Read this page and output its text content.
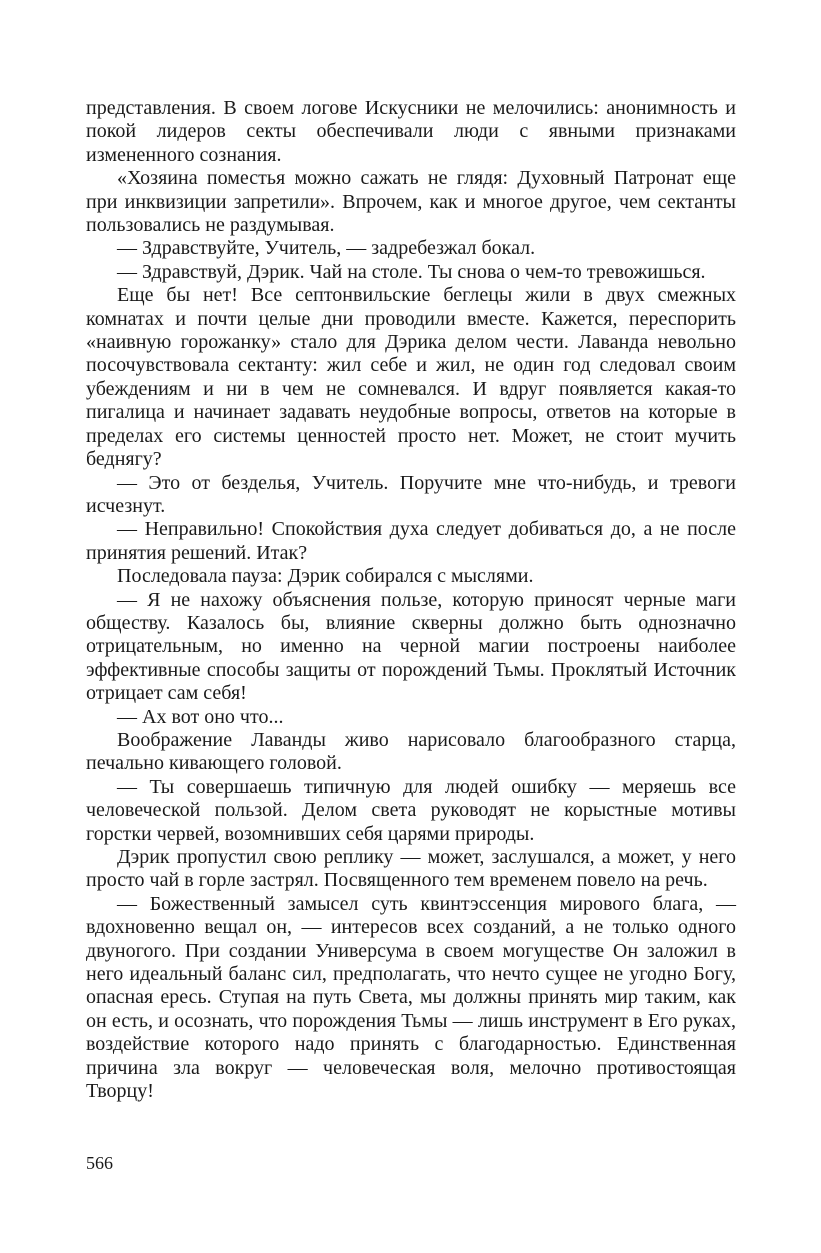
представления. В своем логове Искусники не мелочились: анонимность и покой лидеров секты обеспечивали люди с явными признаками измененного сознания.

«Хозяина поместья можно сажать не глядя: Духовный Патронат еще при инквизиции запретили». Впрочем, как и многое другое, чем сектанты пользовались не раздумывая.

— Здравствуйте, Учитель, — задребезжал бокал.

— Здравствуй, Дэрик. Чай на столе. Ты снова о чем-то тревожишься.

Еще бы нет! Все септонвильские беглецы жили в двух смежных комнатах и почти целые дни проводили вместе. Кажется, переспорить «наивную горожанку» стало для Дэрика делом чести. Лаванда невольно посочувствовала сектанту: жил себе и жил, не один год следовал своим убеждениям и ни в чем не сомневался. И вдруг появляется какая-то пигалица и начинает задавать неудобные вопросы, ответов на которые в пределах его системы ценностей просто нет. Может, не стоит мучить беднягу?

— Это от безделья, Учитель. Поручите мне что-нибудь, и тревоги исчезнут.

— Неправильно! Спокойствия духа следует добиваться до, а не после принятия решений. Итак?

Последовала пауза: Дэрик собирался с мыслями.

— Я не нахожу объяснения пользе, которую приносят черные маги обществу. Казалось бы, влияние скверны должно быть однозначно отрицательным, но именно на черной магии построены наиболее эффективные способы защиты от порождений Тьмы. Проклятый Источник отрицает сам себя!

— Ах вот оно что...

Воображение Лаванды живо нарисовало благообразного старца, печально кивающего головой.

— Ты совершаешь типичную для людей ошибку — меряешь все человеческой пользой. Делом света руководят не корыстные мотивы горстки червей, возомнивших себя царями природы.

Дэрик пропустил свою реплику — может, заслушался, а может, у него просто чай в горле застрял. Посвященного тем временем повело на речь.

— Божественный замысел суть квинтэссенция мирового блага, — вдохновенно вещал он, — интересов всех созданий, а не только одного двуногого. При создании Универсума в своем могуществе Он заложил в него идеальный баланс сил, предполагать, что нечто сущее не угодно Богу, опасная ересь. Ступая на путь Света, мы должны принять мир таким, как он есть, и осознать, что порождения Тьмы — лишь инструмент в Его руках, воздействие которого надо принять с благодарностью. Единственная причина зла вокруг — человеческая воля, мелочно противостоящая Творцу!

566
